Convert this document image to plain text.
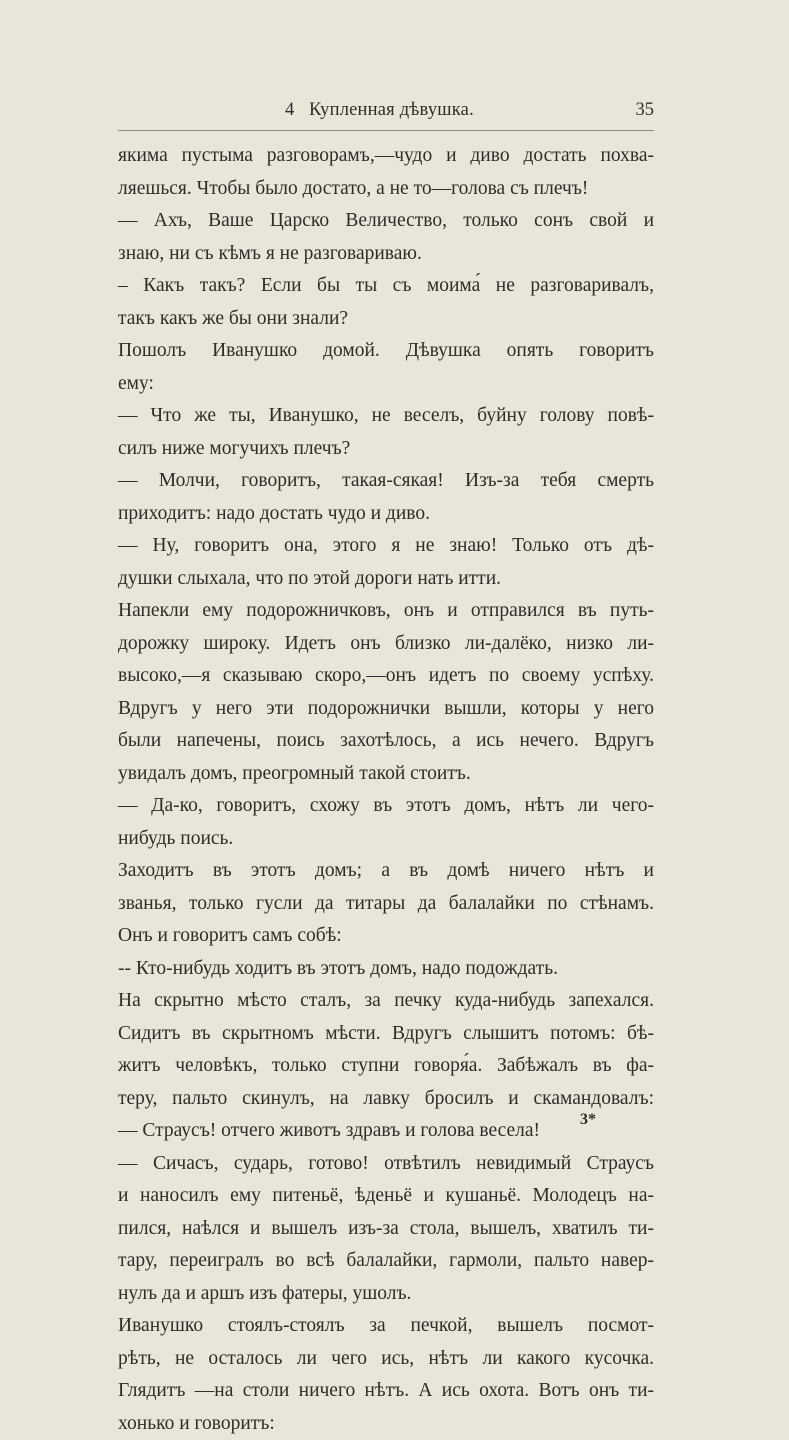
4 Купленная дѣвушка.	35
якима пустыма разговорамъ,—чудо и диво достать похва-
ляешься. Чтобы было достато, а не то—голова съ плечъ!
— Ахъ, Ваше Царско Величество, только сонъ свой и
знаю, ни съ кѣмъ я не разговариваю.
– Какъ такъ? Если бы ты съ моима́ не разговаривалъ,
такъ какъ же бы они знали?
Пошолъ Иванушко домой. Дѣвушка опять говоритъ
ему:
— Что же ты, Иванушко, не веселъ, буйну голову повѣ-
силъ ниже могучихъ плечъ?
— Молчи, говоритъ, такая-сякая! Изъ-за тебя смерть
приходитъ: надо достать чудо и диво.
— Ну, говоритъ она, этого я не знаю! Только отъ дѣ-
душки слыхала, что по этой дороги нать итти.
Напекли ему подорожничковъ, онъ и отправился въ путь-
дорожку широку. Идетъ онъ близко ли-далёко, низко ли-
высоко,—я сказываю скоро,—онъ идетъ по своему успѣху.
Вдругъ у него эти подорожнички вышли, которы у него
были напечены, поись захотѣлось, а ись нечего. Вдругъ
увидалъ домъ, преогромный такой стоитъ.
— Да-ко, говоритъ, схожу въ этотъ домъ, нѣтъ ли чего-
нибудь поись.
Заходитъ въ этотъ домъ; а въ домѣ ничего нѣтъ и
званья, только гусли да титары да балалайки по стѣнамъ.
Онъ и говоритъ самъ собѣ:
-- Кто-нибудь ходитъ въ этотъ домъ, надо подождать.
На скрытно мѣсто сталъ, за печку куда-нибудь запехался.
Сидитъ въ скрытномъ мѣсти. Вдругъ слышитъ потомъ: бѣ-
житъ человѣкъ, только ступни говоря́а. Забѣжалъ въ фа-
теру, пальто скинулъ, на лавку бросилъ и скамандовалъ:
— Страусъ! отчего животъ здравъ и голова весела!
— Сичасъ, сударь, готово! отвѣтилъ невидимый Страусъ
и наносилъ ему питеньё, ѣденьё и кушаньё. Молодецъ на-
пился, наѣлся и вышелъ изъ-за стола, вышелъ, хватилъ ти-
тару, переигралъ во всѣ балалайки, гармоли, пальто навер-
нулъ да и аршъ изъ фатеры, ушолъ.
Иванушко стоялъ-стоялъ за печкой, вышелъ посмот-
рѣть, не осталось ли чего ись, нѣтъ ли какого кусочка.
Глядитъ —на столи ничего нѣтъ. А ись охота. Вотъ онъ ти-
хонько и говоритъ:
3*
